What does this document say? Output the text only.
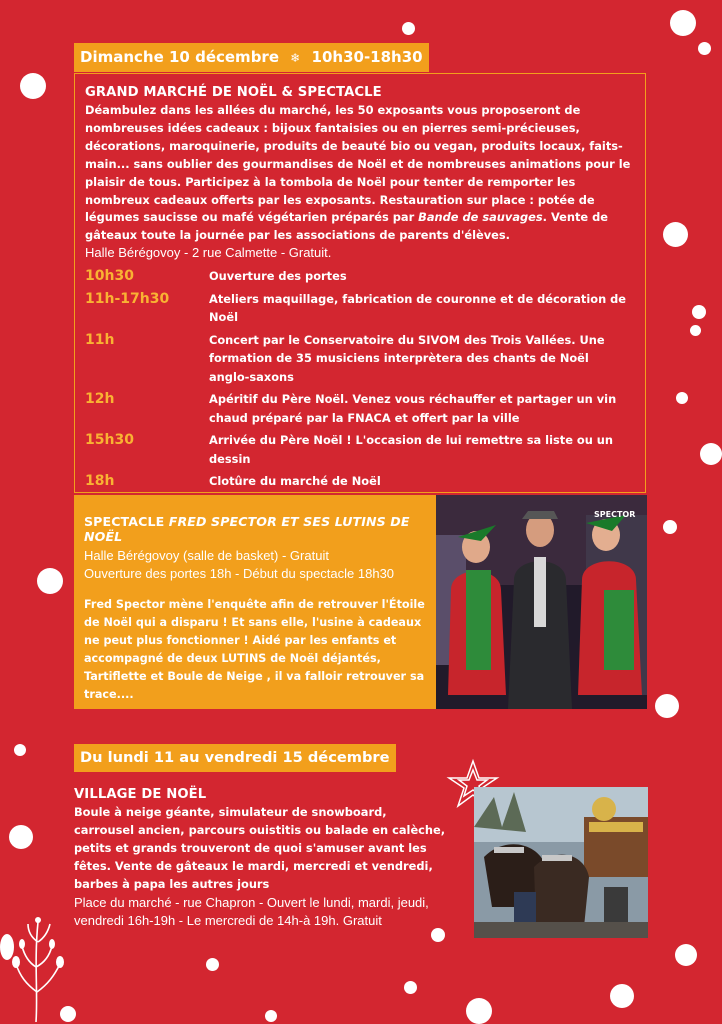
Dimanche 10 décembre ❄ 10h30-18h30
GRAND MARCHÉ DE NOËL & SPECTACLE
Déambulez dans les allées du marché, les 50 exposants vous proposeront de nombreuses idées cadeaux : bijoux fantaisies ou en pierres semi-précieuses, décorations, maroquinerie, produits de beauté bio ou vegan, produits locaux, faits-main... sans oublier des gourmandises de Noël et de nombreuses animations pour le plaisir de tous. Participez à la tombola de Noël pour tenter de remporter les nombreux cadeaux offerts par les exposants. Restauration sur place : potée de légumes saucisse ou mafé végétarien préparés par Bande de sauvages. Vente de gâteaux toute la journée par les associations de parents d'élèves.
Halle Bérégovoy - 2 rue Calmette - Gratuit.
10h30	Ouverture des portes
11h-17h30	Ateliers maquillage, fabrication de couronne et de décoration de Noël
11h	Concert par le Conservatoire du SIVOM des Trois Vallées. Une formation de 35 musiciens interprètera des chants de Noël anglo-saxons
12h	Apéritif du Père Noël. Venez vous réchauffer et partager un vin chaud préparé par la FNACA et offert par la ville
15h30	Arrivée du Père Noël ! L'occasion de lui remettre sa liste ou un dessin
18h	Clotûre du marché de Noël
SPECTACLE FRED SPECTOR ET SES LUTINS DE NOËL
Halle Bérégovoy (salle de basket) - Gratuit
Ouverture des portes 18h - Début du spectacle 18h30
Fred Spector mène l'enquête afin de retrouver l'Étoile de Noël qui a disparu ! Et sans elle, l'usine à cadeaux ne peut plus fonctionner ! Aidé par les enfants et accompagné de deux LUTINS de Noël déjantés, Tartiflette et Boule de Neige , il va falloir retrouver sa trace....
SPECTOR
Du lundi 11 au vendredi 15 décembre
VILLAGE DE NOËL
Boule à neige géante, simulateur de snowboard, carrousel ancien, parcours ouistitis ou balade en calèche, petits et grands trouveront de quoi s'amuser avant les fêtes. Vente de gâteaux le mardi, mercredi et vendredi, barbes à papa les autres jours
Place du marché - rue Chapron - Ouvert le lundi, mardi, jeudi, vendredi 16h-19h - Le mercredi de 14h-à 19h. Gratuit
